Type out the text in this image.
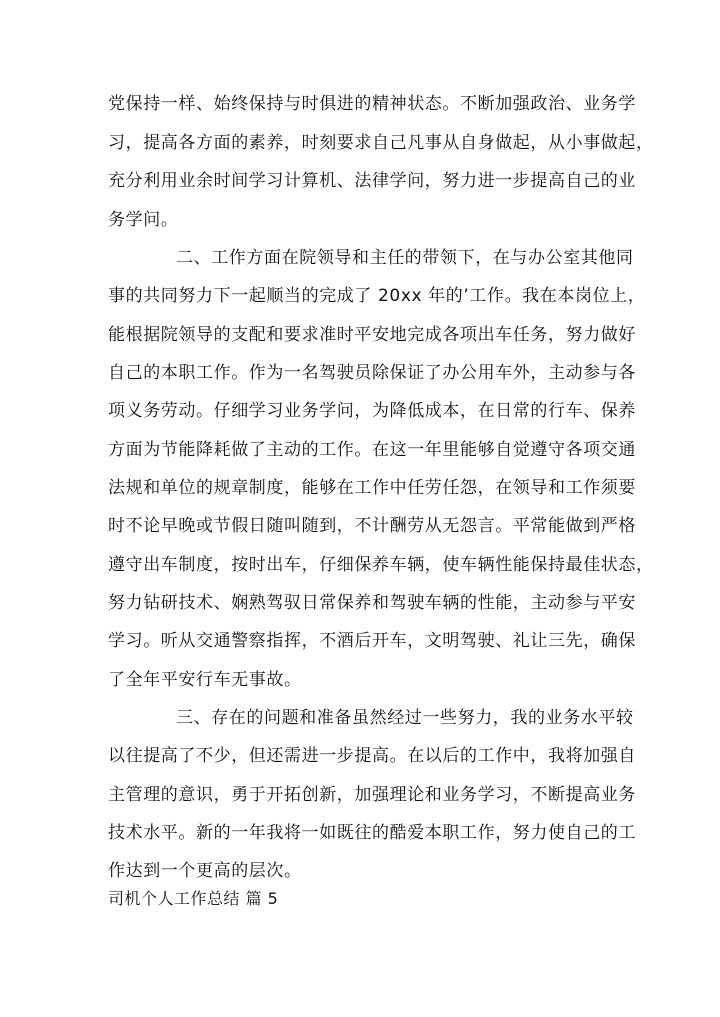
党保持一样、始终保持与时俱进的精神状态。不断加强政治、业务学
习，提高各方面的素养，时刻要求自己凡事从自身做起，从小事做起，
充分利用业余时间学习计算机、法律学问，努力进一步提高自己的业
务学问。
二、工作方面在院领导和主任的带领下，在与办公室其他同
事的共同努力下一起顺当的完成了 20xx 年的’工作。我在本岗位上，
能根据院领导的支配和要求准时平安地完成各项出车任务，努力做好
自己的本职工作。作为一名驾驶员除保证了办公用车外，主动参与各
项义务劳动。仔细学习业务学问，为降低成本，在日常的行车、保养
方面为节能降耗做了主动的工作。在这一年里能够自觉遵守各项交通
法规和单位的规章制度，能够在工作中任劳任怨，在领导和工作须要
时不论早晚或节假日随叫随到，不计酬劳从无怨言。平常能做到严格
遵守出车制度，按时出车，仔细保养车辆，使车辆性能保持最佳状态，
努力钻研技术、娴熟驾驭日常保养和驾驶车辆的性能，主动参与平安
学习。听从交通警察指挥，不酒后开车，文明驾驶、礼让三先，确保
了全年平安行车无事故。
三、存在的问题和准备虽然经过一些努力，我的业务水平较
以往提高了不少，但还需进一步提高。在以后的工作中，我将加强自
主管理的意识，勇于开拓创新，加强理论和业务学习，不断提高业务
技术水平。新的一年我将一如既往的酷爱本职工作，努力使自己的工
作达到一个更高的层次。
司机个人工作总结 篇 5
